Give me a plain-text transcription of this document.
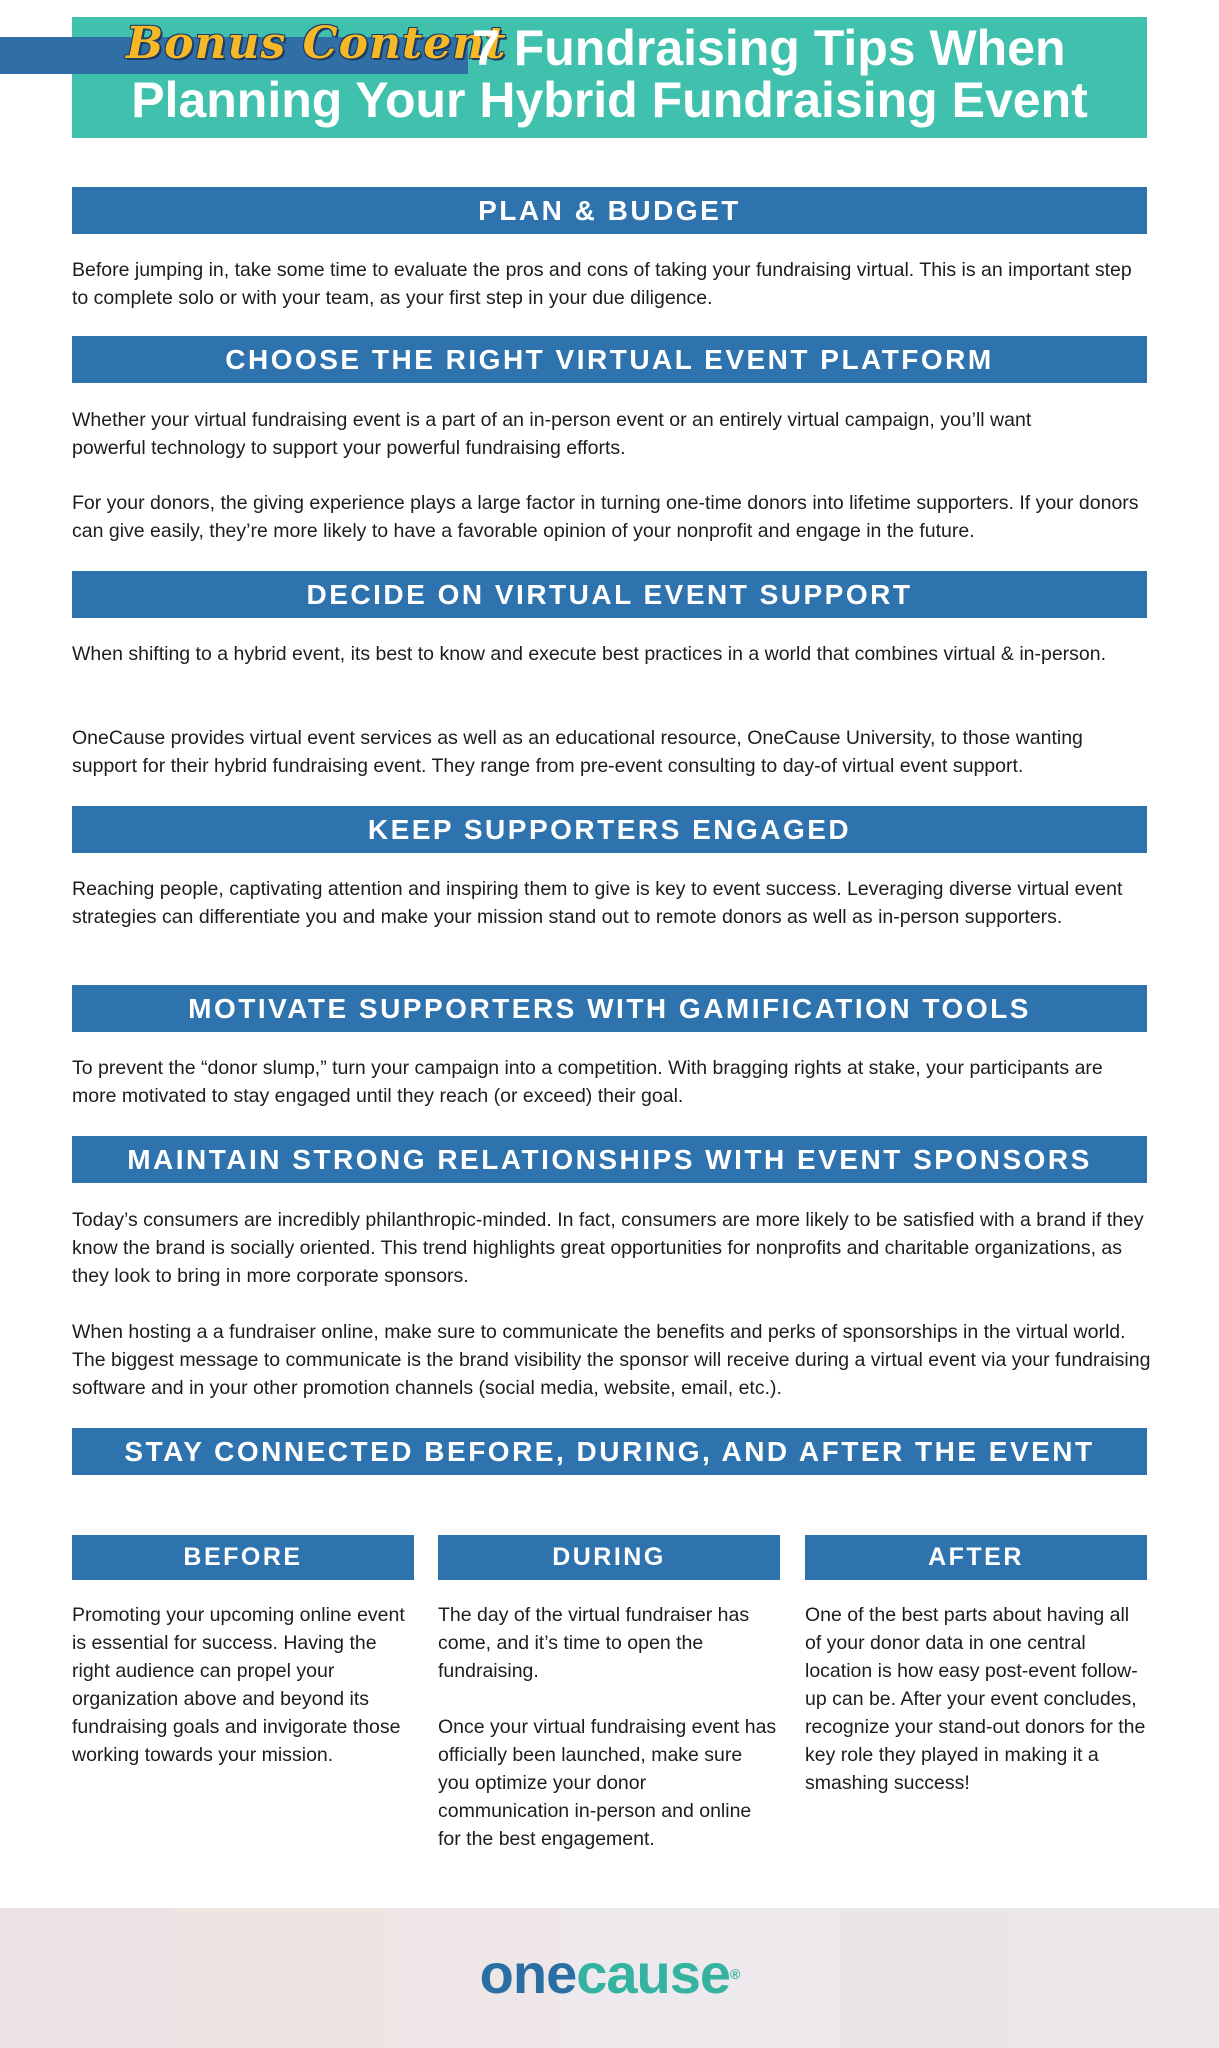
Bonus Content
7 Fundraising Tips When
Planning Your Hybrid Fundraising Event
PLAN & BUDGET

Before jumping in, take some time to evaluate the pros and cons of taking your fundraising virtual. This is an important step to complete solo or with your team, as your first step in your due diligence.

CHOOSE THE RIGHT VIRTUAL EVENT PLATFORM

Whether your virtual fundraising event is a part of an in-person event or an entirely virtual campaign, you’ll want powerful technology to support your powerful fundraising efforts.

For your donors, the giving experience plays a large factor in turning one-time donors into lifetime supporters. If your donors can give easily, they’re more likely to have a favorable opinion of your nonprofit and engage in the future.

DECIDE ON VIRTUAL EVENT SUPPORT

When shifting to a hybrid event, its best to know and execute best practices in a world that combines virtual & in-person.

OneCause provides virtual event services as well as an educational resource, OneCause University, to those wanting support for their hybrid fundraising event. They range from pre-event consulting to day-of virtual event support.

KEEP SUPPORTERS ENGAGED

Reaching people, captivating attention and inspiring them to give is key to event success. Leveraging diverse virtual event strategies can differentiate you and make your mission stand out to remote donors as well as in-person supporters.

MOTIVATE SUPPORTERS WITH GAMIFICATION TOOLS

To prevent the “donor slump,” turn your campaign into a competition. With bragging rights at stake, your participants are more motivated to stay engaged until they reach (or exceed) their goal.

MAINTAIN STRONG RELATIONSHIPS WITH EVENT SPONSORS

Today’s consumers are incredibly philanthropic-minded. In fact, consumers are more likely to be satisfied with a brand if they know the brand is socially oriented. This trend highlights great opportunities for nonprofits and charitable organizations, as they look to bring in more corporate sponsors.

When hosting a a fundraiser online, make sure to communicate the benefits and perks of sponsorships in the virtual world. The biggest message to communicate is the brand visibility the sponsor will receive during a virtual event via your fundraising software and in your other promotion channels (social media, website, email, etc.).

STAY CONNECTED BEFORE, DURING, AND AFTER THE EVENT
BEFORE	DURING	AFTER

Promoting your upcoming online event is essential for success. Having the right audience can propel your organization above and beyond its fundraising goals and invigorate those working towards your mission.

The day of the virtual fundraiser has come, and it’s time to open the fundraising.

Once your virtual fundraising event has officially been launched, make sure you optimize your donor communication in-person and online for the best engagement.

One of the best parts about having all of your donor data in one central location is how easy post-event follow-up can be. After your event concludes, recognize your stand-out donors for the key role they played in making it a smashing success!

onecause®
